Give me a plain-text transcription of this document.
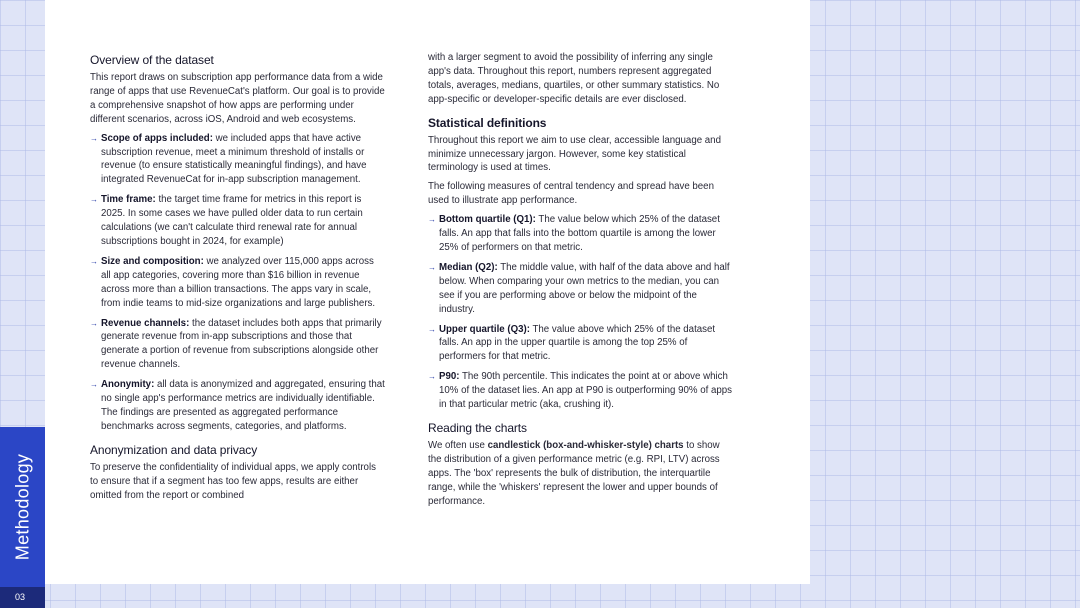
Overview of the dataset

This report draws on subscription app performance data from a wide range of apps that use RevenueCat's platform. Our goal is to provide a comprehensive snapshot of how apps are performing under different scenarios, across iOS, Android and web ecosystems.

→ Scope of apps included: we included apps that have active subscription revenue, meet a minimum threshold of installs or revenue (to ensure statistically meaningful findings), and have integrated RevenueCat for in-app subscription management.
→ Time frame: the target time frame for metrics in this report is 2025. In some cases we have pulled older data to run certain calculations (we can't calculate third renewal rate for annual subscriptions bought in 2024, for example)
→ Size and composition: we analyzed over 115,000 apps across all app categories, covering more than $16 billion in revenue across more than a billion transactions. The apps vary in scale, from indie teams to mid-size organizations and large publishers.
→ Revenue channels: the dataset includes both apps that primarily generate revenue from in-app subscriptions and those that generate a portion of revenue from subscriptions alongside other revenue channels.
→ Anonymity: all data is anonymized and aggregated, ensuring that no single app's performance metrics are individually identifiable. The findings are presented as aggregated performance benchmarks across segments, categories, and platforms.
Anonymization and data privacy

To preserve the confidentiality of individual apps, we apply controls to ensure that if a segment has too few apps, results are either omitted from the report or combined

with a larger segment to avoid the possibility of inferring any single app's data. Throughout this report, numbers represent aggregated totals, averages, medians, quartiles, or other summary statistics. No app-specific or developer-specific details are ever disclosed.

Statistical definitions

Throughout this report we aim to use clear, accessible language and minimize unnecessary jargon. However, some key statistical terminology is used at times.

The following measures of central tendency and spread have been used to illustrate app performance.

→ Bottom quartile (Q1): The value below which 25% of the dataset falls. An app that falls into the bottom quartile is among the lower 25% of performers on that metric.
→ Median (Q2): The middle value, with half of the data above and half below. When comparing your own metrics to the median, you can see if you are performing above or below the midpoint of the industry.
→ Upper quartile (Q3): The value above which 25% of the dataset falls. An app in the upper quartile is among the top 25% of performers for that metric.
→ P90: The 90th percentile. This indicates the point at or above which 10% of the dataset lies. An app at P90 is outperforming 90% of apps in that particular metric (aka, crushing it).
Reading the charts

We often use candlestick (box-and-whisker-style) charts to show the distribution of a given performance metric (e.g. RPI, LTV) across apps. The 'box' represents the bulk of distribution, the interquartile range, while the 'whiskers' represent the lower and upper bounds of performance.

Methodology
03
